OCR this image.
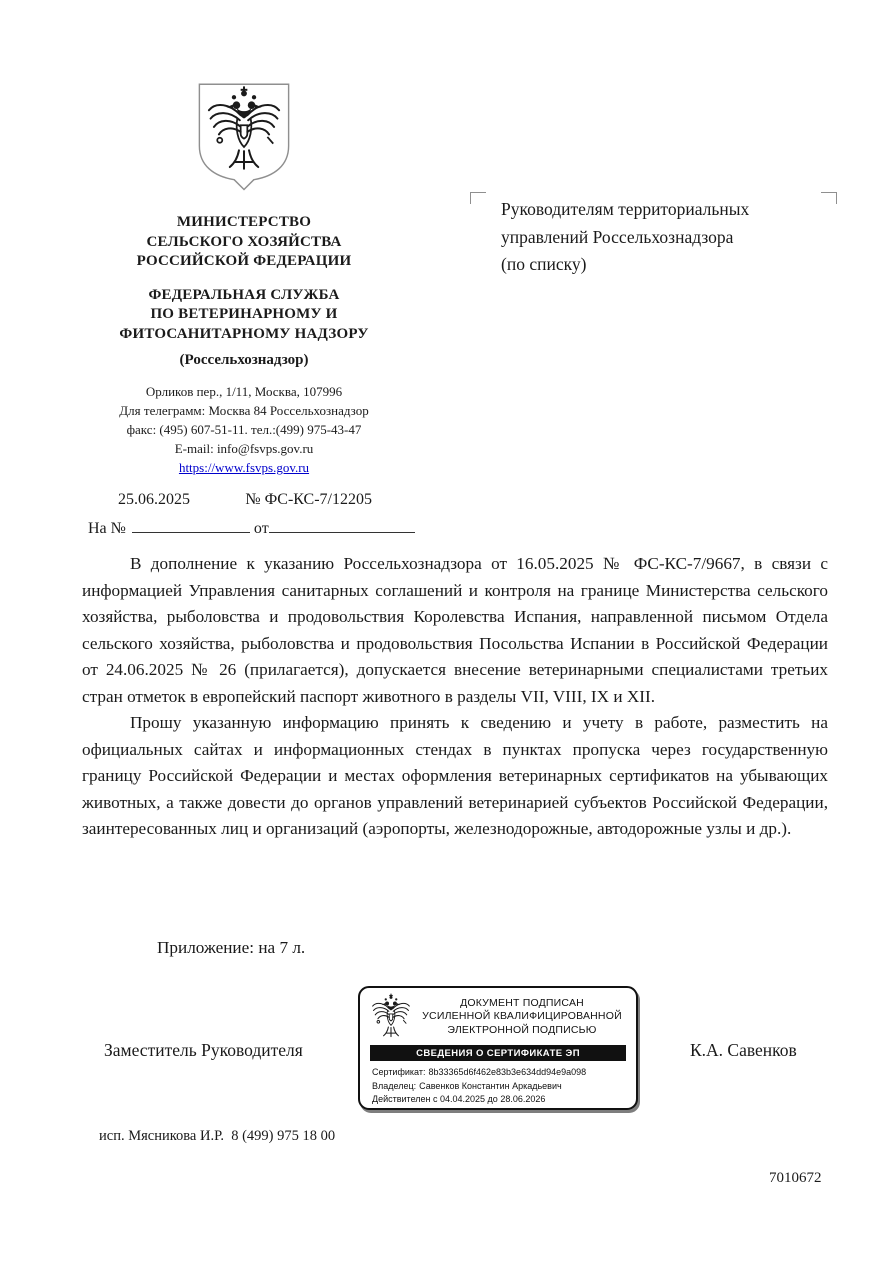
МИНИСТЕРСТВО
СЕЛЬСКОГО ХОЗЯЙСТВА
РОССИЙСКОЙ ФЕДЕРАЦИИ
ФЕДЕРАЛЬНАЯ СЛУЖБА
ПО ВЕТЕРИНАРНОМУ И
ФИТОСАНИТАРНОМУ НАДЗОРУ
(Россельхознадзор)
Орликов пер., 1/11, Москва, 107996
Для телеграмм: Москва 84 Россельхознадзор
факс: (495) 607-51-11. тел.:(499) 975-43-47
E-mail: info@fsvps.gov.ru
https://www.fsvps.gov.ru
25.06.2025	№ ФС-КС-7/12205
На №	от
Руководителям территориальных
управлений Россельхознадзора
(по списку)

В дополнение к указанию Россельхознадзора от 16.05.2025 № ФС-КС-7/9667, в связи с информацией Управления санитарных соглашений и контроля на границе Министерства сельского хозяйства, рыболовства и продовольствия Королевства Испания, направленной письмом Отдела сельского хозяйства, рыболовства и продовольствия Посольства Испании в Российской Федерации от 24.06.2025 № 26 (прилагается), допускается внесение ветеринарными специалистами третьих стран отметок в европейский паспорт животного в разделы VII, VIII, IX и XII.

Прошу указанную информацию принять к сведению и учету в работе, разместить на официальных сайтах и информационных стендах в пунктах пропуска через государственную границу Российской Федерации и местах оформления ветеринарных сертификатов на убывающих животных, а также довести до органов управлений ветеринарией субъектов Российской Федерации, заинтересованных лиц и организаций (аэропорты, железнодорожные, автодорожные узлы и др.).

Приложение: на 7 л.
Заместитель Руководителя
ДОКУМЕНТ ПОДПИСАН
УСИЛЕННОЙ КВАЛИФИЦИРОВАННОЙ
ЭЛЕКТРОННОЙ ПОДПИСЬЮ
СВЕДЕНИЯ О СЕРТИФИКАТЕ ЭП
Сертификат: 8b33365d6f462e83b3e634dd94e9a098
Владелец: Савенков Константин Аркадьевич
Действителен с 04.04.2025 до 28.06.2026
К.А. Савенков
исп. Мясникова И.Р.  8 (499) 975 18 00
7010672
